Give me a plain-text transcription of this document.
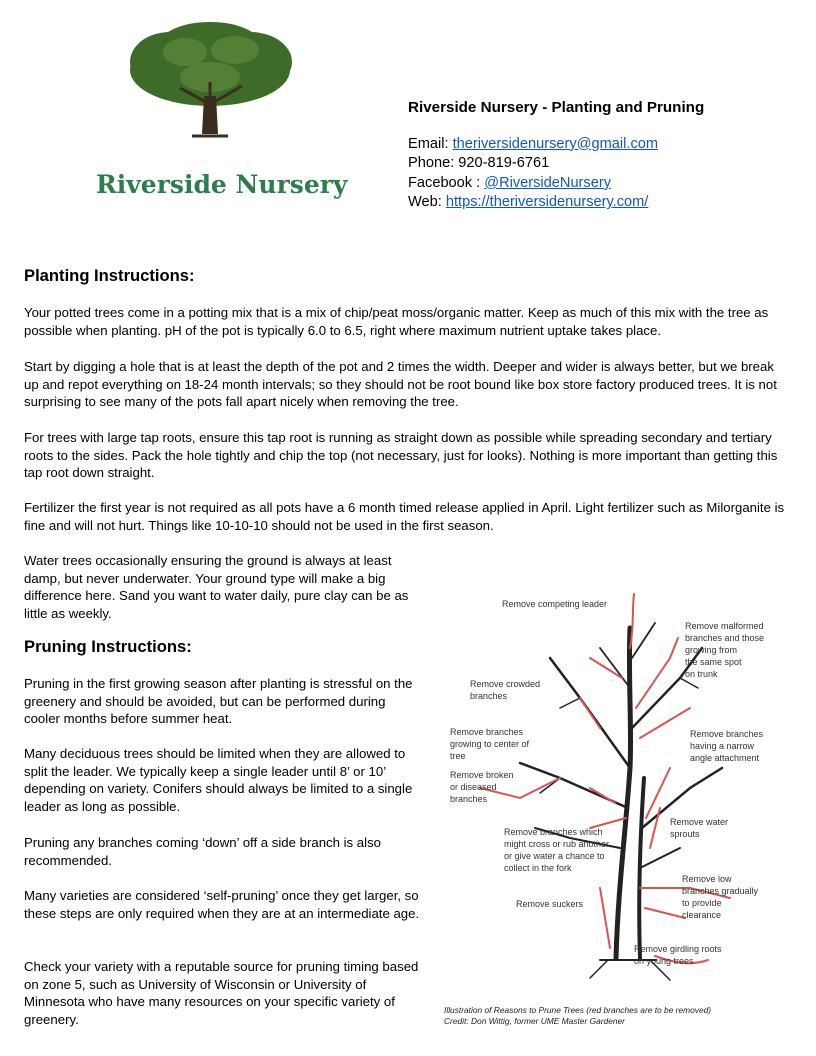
Riverside Nursery
Riverside Nursery - Planting and Pruning
Email: theriversidenursery@gmail.com
Phone: 920-819-6761
Facebook : @RiversideNursery
Web: https://theriversidenursery.com/
Planting Instructions:

Your potted trees come in a potting mix that is a mix of chip/peat moss/organic matter. Keep as much of this mix with the tree as possible when planting. pH of the pot is typically 6.0 to 6.5, right where maximum nutrient uptake takes place.

Start by digging a hole that is at least the depth of the pot and 2 times the width. Deeper and wider is always better, but we break up and repot everything on 18-24 month intervals; so they should not be root bound like box store factory produced trees. It is not surprising to see many of the pots fall apart nicely when removing the tree.

For trees with large tap roots, ensure this tap root is running as straight down as possible while spreading secondary and tertiary roots to the sides. Pack the hole tightly and chip the top (not necessary, just for looks). Nothing is more important than getting this tap root down straight.

Fertilizer the first year is not required as all pots have a 6 month timed release applied in April. Light fertilizer such as Milorganite is fine and will not hurt. Things like 10-10-10 should not be used in the first season.

Water trees occasionally ensuring the ground is always at least damp, but never underwater. Your ground type will make a big difference here. Sand you want to water daily, pure clay can be as little as weekly.

Pruning Instructions:

Pruning in the first growing season after planting is stressful on the greenery and should be avoided, but can be performed during cooler months before summer heat.

Many deciduous trees should be limited when they are allowed to split the leader. We typically keep a single leader until 8’ or 10’ depending on variety. Conifers should always be limited to a single leader as long as possible.

Pruning any branches coming ‘down’ off a side branch is also recommended.

Many varieties are considered ‘self-pruning’ once they get larger, so these steps are only required when they are at an intermediate age.

Check your variety with a reputable source for pruning timing based on zone 5, such as University of Wisconsin or University of Minnesota who have many resources on your specific variety of greenery.

Remove competing leader
Remove malformed
branches and those
growing from
the same spot
on trunk
Remove crowded
branches
Remove branches
growing to center of
tree
Remove branches
having a narrow
angle attachment
Remove broken
or diseased
branches
Remove water
sprouts
Remove branches which
might cross or rub another
or give water a chance to
collect in the fork
Remove low
branches gradually
to provide
clearance
Remove suckers
Remove girdling roots
on young trees
Illustration of Reasons to Prune Trees (red branches are to be removed)
Credit: Don Wittig, former UME Master Gardener
